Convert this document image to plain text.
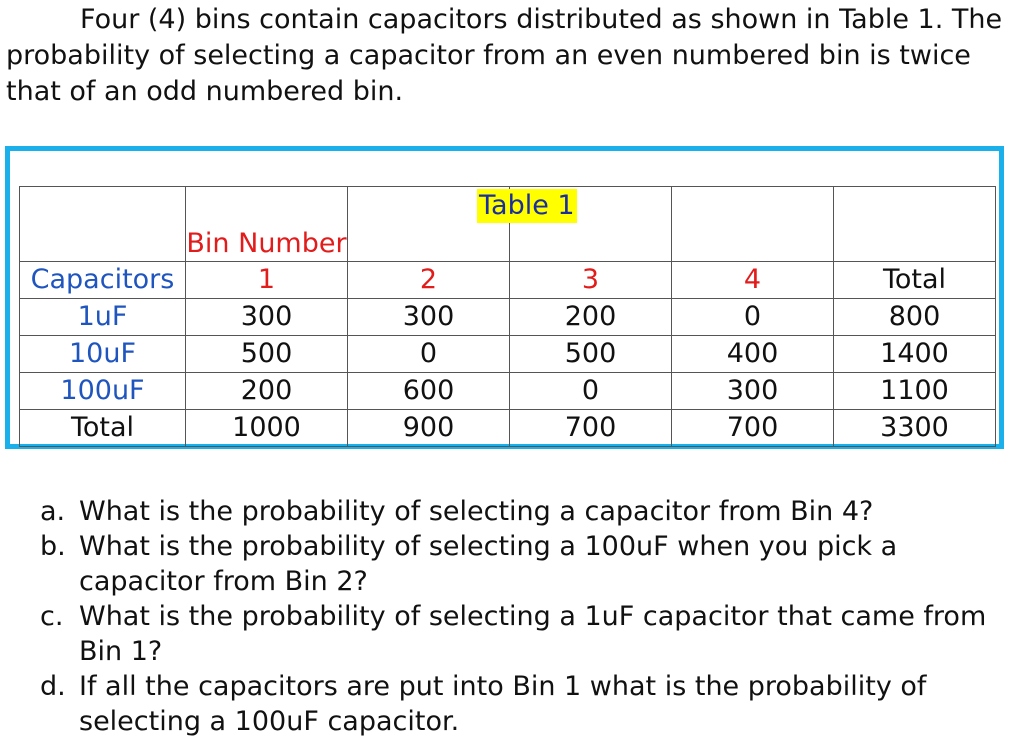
Four (4) bins contain capacitors distributed as shown in Table 1. The probability of selecting a capacitor from an even numbered bin is twice that of an odd numbered bin.

	Bin Number				
Capacitors	1	2	3	4	Total
1uF	300	300	200	0	800
10uF	500	0	500	400	1400
100uF	200	600	0	300	1100
Total	1000	900	700	700	3300
Table 1
a. What is the probability of selecting a capacitor from Bin 4?
b. What is the probability of selecting a 100uF when you pick a capacitor from Bin 2?
c. What is the probability of selecting a 1uF capacitor that came from Bin 1?
d. If all the capacitors are put into Bin 1 what is the probability of selecting a 100uF capacitor.
